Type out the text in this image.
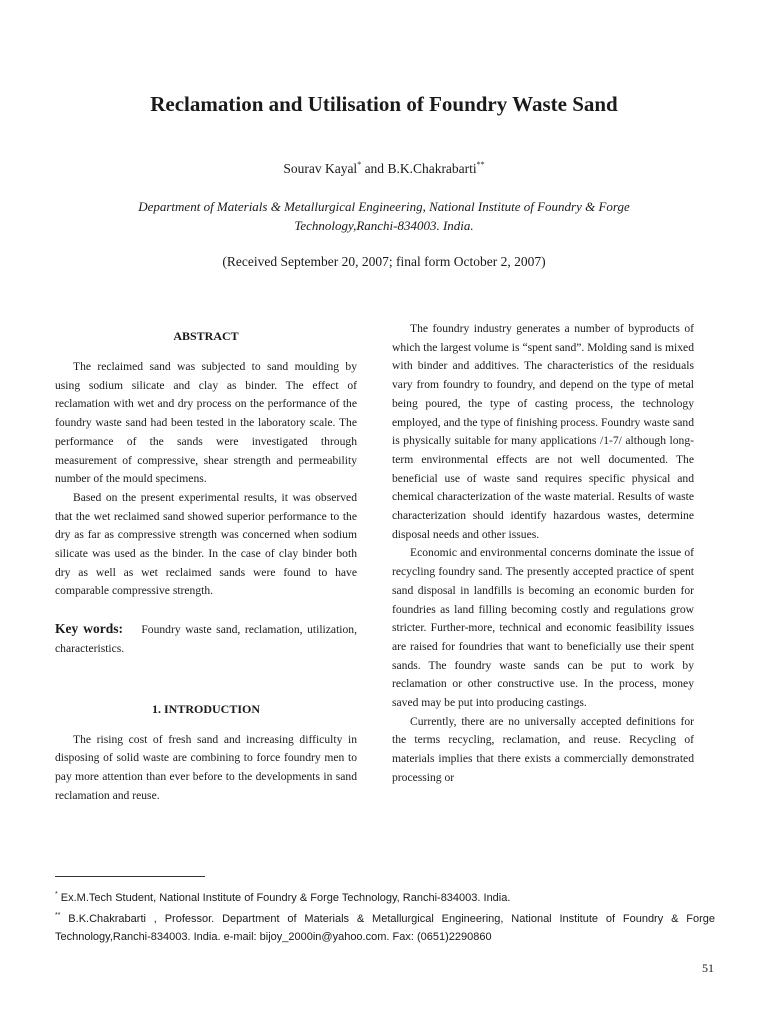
Reclamation and Utilisation of Foundry Waste Sand
Sourav Kayal* and B.K.Chakrabarti**
Department of Materials & Metallurgical Engineering, National Institute of Foundry & Forge Technology,Ranchi-834003. India.
(Received September 20, 2007; final form October 2, 2007)
ABSTRACT

The reclaimed sand was subjected to sand moulding by using sodium silicate and clay as binder. The effect of reclamation with wet and dry process on the performance of the foundry waste sand had been tested in the laboratory scale. The performance of the sands were investigated through measurement of compressive, shear strength and permeability number of the mould specimens.

Based on the present experimental results, it was observed that the wet reclaimed sand showed superior performance to the dry as far as compressive strength was concerned when sodium silicate was used as the binder. In the case of clay binder both dry as well as wet reclaimed sands were found to have comparable compressive strength.

Key words: Foundry waste sand, reclamation, utilization, characteristics.

1. INTRODUCTION

The rising cost of fresh sand and increasing difficulty in disposing of solid waste are combining to force foundry men to pay more attention than ever before to the developments in sand reclamation and reuse.

The foundry industry generates a number of byproducts of which the largest volume is “spent sand”. Molding sand is mixed with binder and additives. The characteristics of the residuals vary from foundry to foundry, and depend on the type of metal being poured, the type of casting process, the technology employed, and the type of finishing process. Foundry waste sand is physically suitable for many applications /1-7/ although long-term environmental effects are not well documented. The beneficial use of waste sand requires specific physical and chemical characterization of the waste material. Results of waste characterization should identify hazardous wastes, determine disposal needs and other issues.

Economic and environmental concerns dominate the issue of recycling foundry sand. The presently accepted practice of spent sand disposal in landfills is becoming an economic burden for foundries as land filling becoming costly and regulations grow stricter. Further-more, technical and economic feasibility issues are raised for foundries that want to beneficially use their spent sands. The foundry waste sands can be put to work by reclamation or other constructive use. In the process, money saved may be put into producing castings.

Currently, there are no universally accepted definitions for the terms recycling, reclamation, and reuse. Recycling of materials implies that there exists a commercially demonstrated processing or

* Ex.M.Tech Student, National Institute of Foundry & Forge Technology, Ranchi-834003. India.

** B.K.Chakrabarti , Professor. Department of Materials & Metallurgical Engineering, National Institute of Foundry & Forge Technology,Ranchi-834003. India. e-mail: bijoy_2000in@yahoo.com. Fax: (0651)2290860

51
